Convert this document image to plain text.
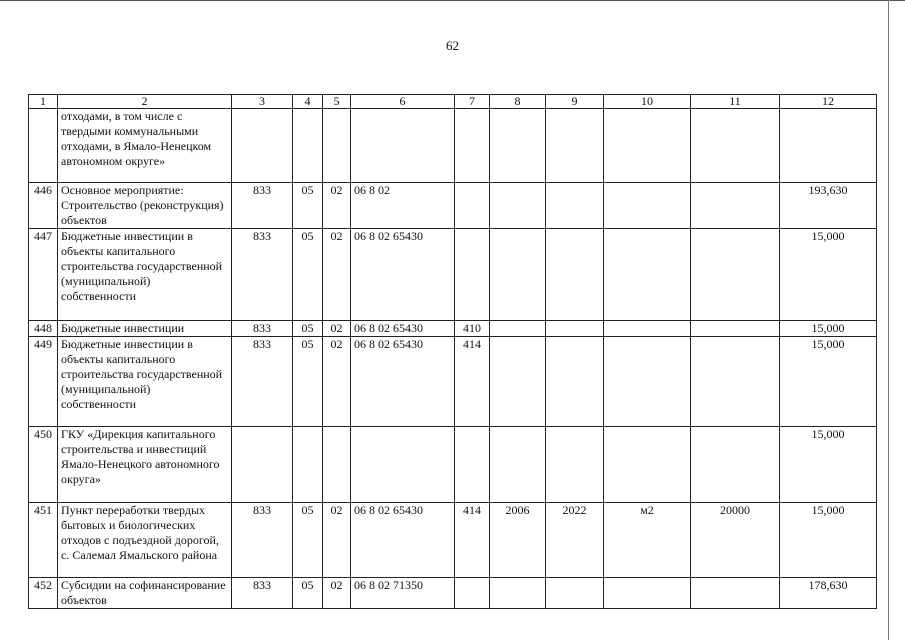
62
1	2	3	4	5	6	7	8	9	10	11	12
	отходами, в том числе с твердыми коммунальными отходами, в Ямало-Ненецком автономном округе»										
446	Основное мероприятие: Строительство (реконструкция) объектов	833	05	02	06 8 02						193,630
447	Бюджетные инвестиции в объекты капитального строительства государственной (муниципальной) собственности	833	05	02	06 8 02 65430						15,000
448	Бюджетные инвестиции	833	05	02	06 8 02 65430	410					15,000
449	Бюджетные инвестиции в объекты капитального строительства государственной (муниципальной) собственности	833	05	02	06 8 02 65430	414					15,000
450	ГКУ «Дирекция капитального строительства и инвестиций Ямало-Ненецкого автономного округа»										15,000
451	Пункт переработки твердых бытовых и биологических отходов с подъездной дорогой, с. Салемал Ямальского района	833	05	02	06 8 02 65430	414	2006	2022	м2	20000	15,000
452	Субсидии на софинансирование объектов	833	05	02	06 8 02 71350						178,630
